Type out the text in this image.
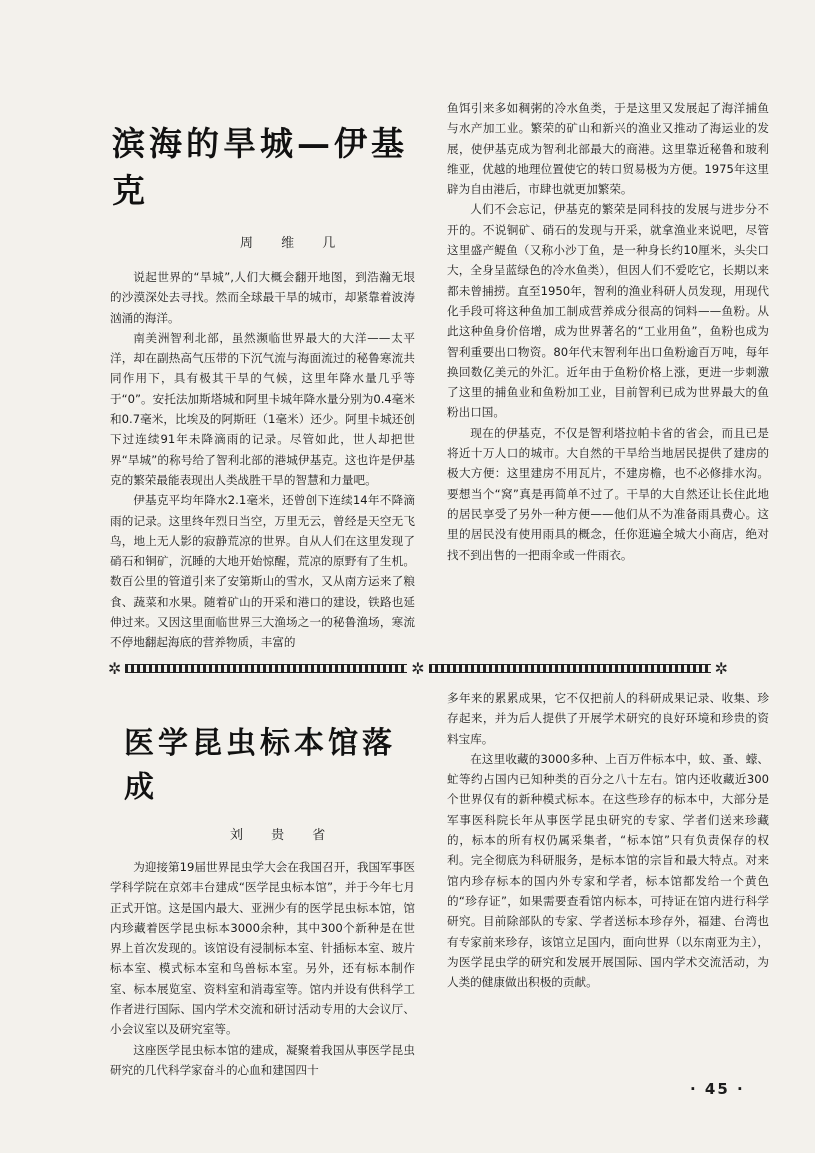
滨海的旱城—伊基克
周 维 几

说起世界的“旱城”,人们大概会翻开地图，到浩瀚无垠的沙漠深处去寻找。然而全球最干旱的城市，却紧靠着波涛汹涌的海洋。

南美洲智利北部，虽然濒临世界最大的大洋——太平洋，却在副热高气压带的下沉气流与海面流过的秘鲁寒流共同作用下，具有极其干旱的气候，这里年降水量几乎等于“0”。安托法加斯塔城和阿里卡城年降水量分别为0.4毫米和0.7毫米，比埃及的阿斯旺（1毫米）还少。阿里卡城还创下过连续91年未降滴雨的记录。尽管如此，世人却把世界“旱城”的称号给了智利北部的港城伊基克。这也许是伊基克的繁荣最能表现出人类战胜干旱的智慧和力量吧。

伊基克平均年降水2.1毫米，还曾创下连续14年不降滴雨的记录。这里终年烈日当空，万里无云，曾经是天空无飞鸟，地上无人影的寂静荒凉的世界。自从人们在这里发现了硝石和铜矿，沉睡的大地开始惊醒，荒凉的原野有了生机。数百公里的管道引来了安第斯山的雪水，又从南方运来了粮食、蔬菜和水果。随着矿山的开采和港口的建设，铁路也延伸过来。又因这里面临世界三大渔场之一的秘鲁渔场，寒流不停地翻起海底的营养物质，丰富的

鱼饵引来多如稠粥的冷水鱼类，于是这里又发展起了海洋捕鱼与水产加工业。繁荣的矿山和新兴的渔业又推动了海运业的发展，使伊基克成为智利北部最大的商港。这里靠近秘鲁和玻利维亚，优越的地理位置使它的转口贸易极为方便。1975年这里辟为自由港后，市肆也就更加繁荣。

人们不会忘记，伊基克的繁荣是同科技的发展与进步分不开的。不说铜矿、硝石的发现与开采，就拿渔业来说吧，尽管这里盛产鳀鱼（又称小沙丁鱼，是一种身长约10厘米，头尖口大，全身呈蓝绿色的冷水鱼类），但因人们不爱吃它，长期以来都未曾捕捞。直至1950年，智利的渔业科研人员发现，用现代化手段可将这种鱼加工制成营养成分很高的饲料——鱼粉。从此这种鱼身价倍增，成为世界著名的“工业用鱼”，鱼粉也成为智利重要出口物资。80年代末智利年出口鱼粉逾百万吨，每年换回数亿美元的外汇。近年由于鱼粉价格上涨，更进一步刺激了这里的捕鱼业和鱼粉加工业，目前智利已成为世界最大的鱼粉出口国。

现在的伊基克，不仅是智利塔拉帕卡省的省会，而且已是将近十万人口的城市。大自然的干旱给当地居民提供了建房的极大方便：这里建房不用瓦片，不建房檐，也不必修排水沟。要想当个“窝”真是再简单不过了。干旱的大自然还让长住此地的居民享受了另外一种方便——他们从不为准备雨具费心。这里的居民没有使用雨具的概念，任你逛遍全城大小商店，绝对找不到出售的一把雨伞或一件雨衣。

✲	✲	✲
医学昆虫标本馆落成
刘 贵 省

为迎接第19届世界昆虫学大会在我国召开，我国军事医学科学院在京郊丰台建成“医学昆虫标本馆”，并于今年七月正式开馆。这是国内最大、亚洲少有的医学昆虫标本馆，馆内珍藏着医学昆虫标本3000余种，其中300个新种是在世界上首次发现的。该馆设有浸制标本室、针插标本室、玻片标本室、模式标本室和鸟兽标本室。另外，还有标本制作室、标本展览室、资料室和消毒室等。馆内并设有供科学工作者进行国际、国内学术交流和研讨活动专用的大会议厅、小会议室以及研究室等。

这座医学昆虫标本馆的建成，凝聚着我国从事医学昆虫研究的几代科学家奋斗的心血和建国四十

多年来的累累成果，它不仅把前人的科研成果记录、收集、珍存起来，并为后人提供了开展学术研究的良好环境和珍贵的资料宝库。

在这里收藏的3000多种、上百万件标本中，蚊、蚤、蠓、虻等约占国内已知种类的百分之八十左右。馆内还收藏近300个世界仅有的新种模式标本。在这些珍存的标本中，大部分是军事医科院长年从事医学昆虫研究的专家、学者们送来珍藏的，标本的所有权仍属采集者，“标本馆”只有负责保存的权利。完全彻底为科研服务，是标本馆的宗旨和最大特点。对来馆内珍存标本的国内外专家和学者，标本馆都发给一个黄色的“珍存证”，如果需要查看馆内标本，可持证在馆内进行科学研究。目前除部队的专家、学者送标本珍存外，福建、台湾也有专家前来珍存，该馆立足国内，面向世界（以东南亚为主），为医学昆虫学的研究和发展开展国际、国内学术交流活动，为人类的健康做出积极的贡献。

· 45 ·
